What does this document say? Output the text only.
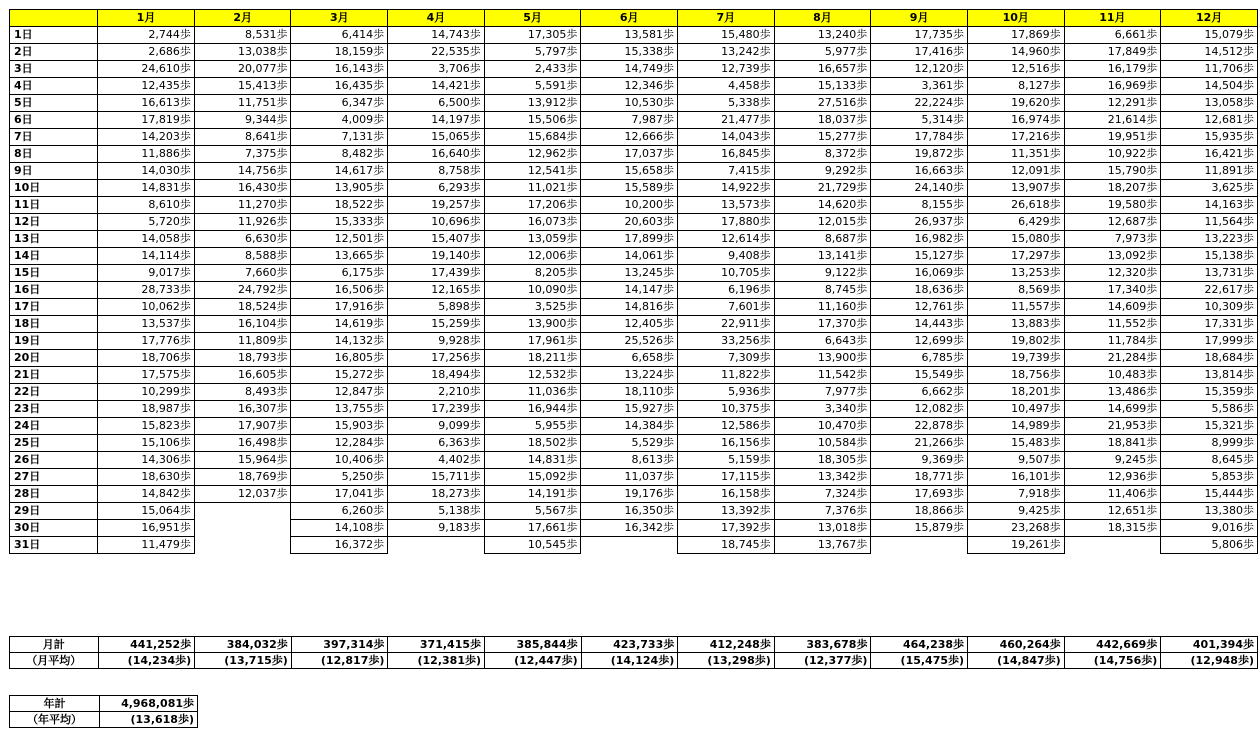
	1月	2月	3月	4月	5月	6月	7月	8月	9月	10月	11月	12月
1日	2,744歩	8,531歩	6,414歩	14,743歩	17,305歩	13,581歩	15,480歩	13,240歩	17,735歩	17,869歩	6,661歩	15,079歩
2日	2,686歩	13,038歩	18,159歩	22,535歩	5,797歩	15,338歩	13,242歩	5,977歩	17,416歩	14,960歩	17,849歩	14,512歩
3日	24,610歩	20,077歩	16,143歩	3,706歩	2,433歩	14,749歩	12,739歩	16,657歩	12,120歩	12,516歩	16,179歩	11,706歩
4日	12,435歩	15,413歩	16,435歩	14,421歩	5,591歩	12,346歩	4,458歩	15,133歩	3,361歩	8,127歩	16,969歩	14,504歩
5日	16,613歩	11,751歩	6,347歩	6,500歩	13,912歩	10,530歩	5,338歩	27,516歩	22,224歩	19,620歩	12,291歩	13,058歩
6日	17,819歩	9,344歩	4,009歩	14,197歩	15,506歩	7,987歩	21,477歩	18,037歩	5,314歩	16,974歩	21,614歩	12,681歩
7日	14,203歩	8,641歩	7,131歩	15,065歩	15,684歩	12,666歩	14,043歩	15,277歩	17,784歩	17,216歩	19,951歩	15,935歩
8日	11,886歩	7,375歩	8,482歩	16,640歩	12,962歩	17,037歩	16,845歩	8,372歩	19,872歩	11,351歩	10,922歩	16,421歩
9日	14,030歩	14,756歩	14,617歩	8,758歩	12,541歩	15,658歩	7,415歩	9,292歩	16,663歩	12,091歩	15,790歩	11,891歩
10日	14,831歩	16,430歩	13,905歩	6,293歩	11,021歩	15,589歩	14,922歩	21,729歩	24,140歩	13,907歩	18,207歩	3,625歩
11日	8,610歩	11,270歩	18,522歩	19,257歩	17,206歩	10,200歩	13,573歩	14,620歩	8,155歩	26,618歩	19,580歩	14,163歩
12日	5,720歩	11,926歩	15,333歩	10,696歩	16,073歩	20,603歩	17,880歩	12,015歩	26,937歩	6,429歩	12,687歩	11,564歩
13日	14,058歩	6,630歩	12,501歩	15,407歩	13,059歩	17,899歩	12,614歩	8,687歩	16,982歩	15,080歩	7,973歩	13,223歩
14日	14,114歩	8,588歩	13,665歩	19,140歩	12,006歩	14,061歩	9,408歩	13,141歩	15,127歩	17,297歩	13,092歩	15,138歩
15日	9,017歩	7,660歩	6,175歩	17,439歩	8,205歩	13,245歩	10,705歩	9,122歩	16,069歩	13,253歩	12,320歩	13,731歩
16日	28,733歩	24,792歩	16,506歩	12,165歩	10,090歩	14,147歩	6,196歩	8,745歩	18,636歩	8,569歩	17,340歩	22,617歩
17日	10,062歩	18,524歩	17,916歩	5,898歩	3,525歩	14,816歩	7,601歩	11,160歩	12,761歩	11,557歩	14,609歩	10,309歩
18日	13,537歩	16,104歩	14,619歩	15,259歩	13,900歩	12,405歩	22,911歩	17,370歩	14,443歩	13,883歩	11,552歩	17,331歩
19日	17,776歩	11,809歩	14,132歩	9,928歩	17,961歩	25,526歩	33,256歩	6,643歩	12,699歩	19,802歩	11,784歩	17,999歩
20日	18,706歩	18,793歩	16,805歩	17,256歩	18,211歩	6,658歩	7,309歩	13,900歩	6,785歩	19,739歩	21,284歩	18,684歩
21日	17,575歩	16,605歩	15,272歩	18,494歩	12,532歩	13,224歩	11,822歩	11,542歩	15,549歩	18,756歩	10,483歩	13,814歩
22日	10,299歩	8,493歩	12,847歩	2,210歩	11,036歩	18,110歩	5,936歩	7,977歩	6,662歩	18,201歩	13,486歩	15,359歩
23日	18,987歩	16,307歩	13,755歩	17,239歩	16,944歩	15,927歩	10,375歩	3,340歩	12,082歩	10,497歩	14,699歩	5,586歩
24日	15,823歩	17,907歩	15,903歩	9,099歩	5,955歩	14,384歩	12,586歩	10,470歩	22,878歩	14,989歩	21,953歩	15,321歩
25日	15,106歩	16,498歩	12,284歩	6,363歩	18,502歩	5,529歩	16,156歩	10,584歩	21,266歩	15,483歩	18,841歩	8,999歩
26日	14,306歩	15,964歩	10,406歩	4,402歩	14,831歩	8,613歩	5,159歩	18,305歩	9,369歩	9,507歩	9,245歩	8,645歩
27日	18,630歩	18,769歩	5,250歩	15,711歩	15,092歩	11,037歩	17,115歩	13,342歩	18,771歩	16,101歩	12,936歩	5,853歩
28日	14,842歩	12,037歩	17,041歩	18,273歩	14,191歩	19,176歩	16,158歩	7,324歩	17,693歩	7,918歩	11,406歩	15,444歩
29日	15,064歩		6,260歩	5,138歩	5,567歩	16,350歩	13,392歩	7,376歩	18,866歩	9,425歩	12,651歩	13,380歩
30日	16,951歩		14,108歩	9,183歩	17,661歩	16,342歩	17,392歩	13,018歩	15,879歩	23,268歩	18,315歩	9,016歩
31日	11,479歩		16,372歩		10,545歩		18,745歩	13,767歩		19,261歩		5,806歩
月計	441,252歩	384,032歩	397,314歩	371,415歩	385,844歩	423,733歩	412,248歩	383,678歩	464,238歩	460,264歩	442,669歩	401,394歩
（月平均）	(14,234歩)	(13,715歩)	(12,817歩)	(12,381歩)	(12,447歩)	(14,124歩)	(13,298歩)	(12,377歩)	(15,475歩)	(14,847歩)	(14,756歩)	(12,948歩)
年計	4,968,081歩
（年平均）	(13,618歩)
